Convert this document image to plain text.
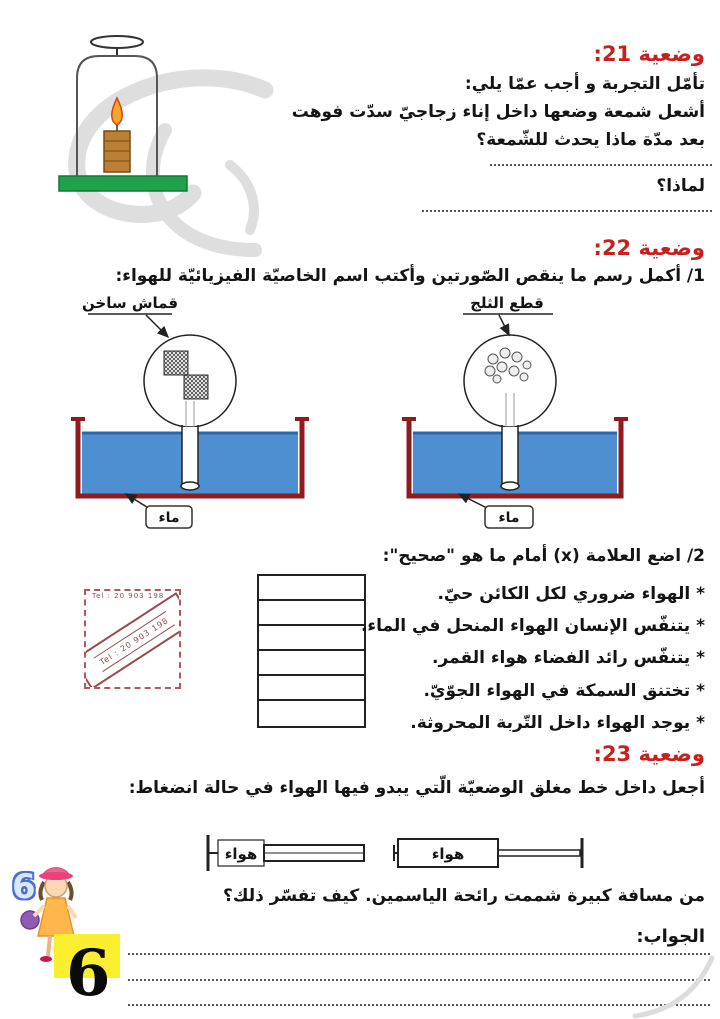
وضعية 21:
تأمّل التجربة و أجب عمّا يلي:
أشعل شمعة وضعها داخل إناء زجاجيّ سدّت فوهت
بعد مدّة ماذا يحدث للشّمعة؟
لماذا؟
وضعية 22:
1/ أكمل رسم ما ينقص الصّورتين وأكتب اسم الخاصيّة الفيزيائيّة للهواء:
قطع الثلج
ماء
قماش ساخن
ماء
2/ اضع العلامة (x) أمام ما هو "صحيح":
Tel : 20 903 198
Tel : 20 903 198
* الهواء ضروري لكل الكائن حيّ.
* يتنفّس الإنسان الهواء المنحل في الماء.
* يتنفّس رائد الفضاء هواء القمر.
* تختنق السمكة في الهواء الجوّيّ.
* يوجد الهواء داخل التّربة المحروثة.
وضعية 23:
أجعل داخل خط مغلق الوضعيّة الّتي يبدو فيها الهواء في حالة انضغاط:
هواء	هواء
من مسافة كبيرة شممت رائحة الياسمين. كيف تفسّر ذلك؟
الجواب:
6
6
